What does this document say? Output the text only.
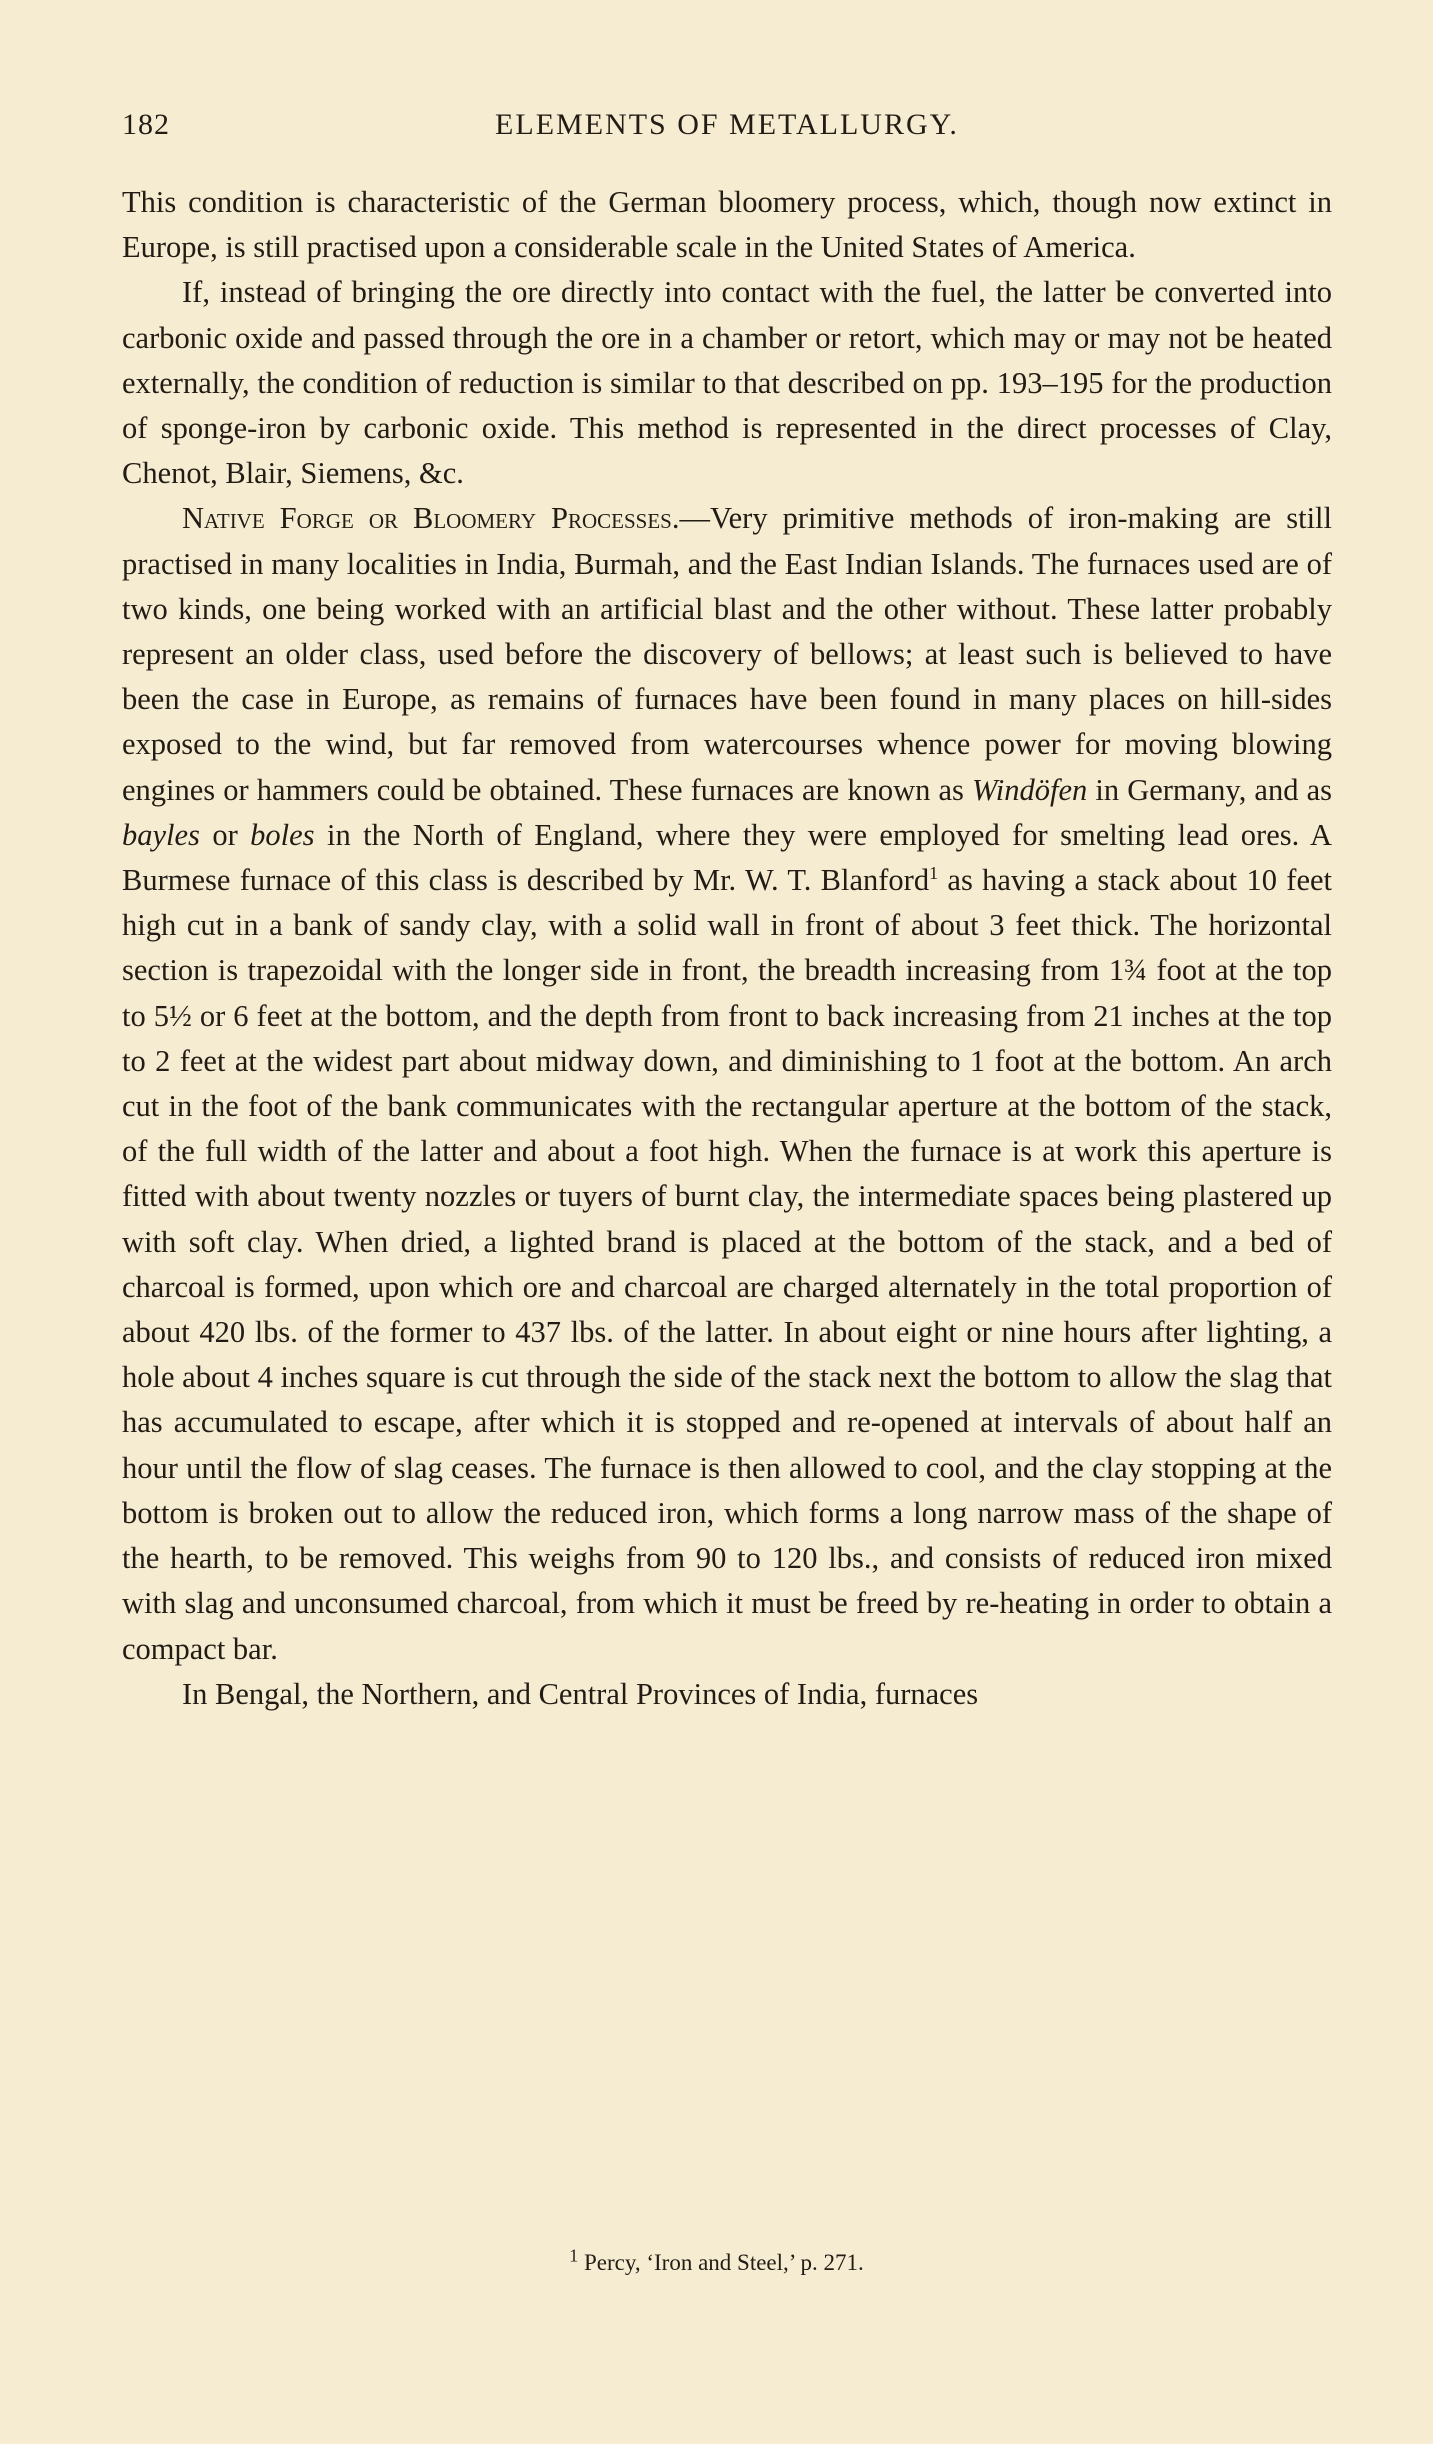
182	ELEMENTS OF METALLURGY.

This condition is characteristic of the German bloomery process, which, though now extinct in Europe, is still practised upon a considerable scale in the United States of America.

If, instead of bringing the ore directly into contact with the fuel, the latter be converted into carbonic oxide and passed through the ore in a chamber or retort, which may or may not be heated externally, the condition of reduction is similar to that described on pp. 193–195 for the production of sponge-iron by carbonic oxide. This method is represented in the direct processes of Clay, Chenot, Blair, Siemens, &c.

Native Forge or Bloomery Processes.—Very primitive methods of iron-making are still practised in many localities in India, Burmah, and the East Indian Islands. The furnaces used are of two kinds, one being worked with an artificial blast and the other without. These latter probably represent an older class, used before the discovery of bellows; at least such is believed to have been the case in Europe, as remains of furnaces have been found in many places on hill-sides exposed to the wind, but far removed from watercourses whence power for moving blowing engines or hammers could be obtained. These furnaces are known as Windöfen in Germany, and as bayles or boles in the North of England, where they were employed for smelting lead ores. A Burmese furnace of this class is described by Mr. W. T. Blanford$^1$ as having a stack about 10 feet high cut in a bank of sandy clay, with a solid wall in front of about 3 feet thick. The horizontal section is trapezoidal with the longer side in front, the breadth increasing from 1¾ foot at the top to 5½ or 6 feet at the bottom, and the depth from front to back increasing from 21 inches at the top to 2 feet at the widest part about midway down, and diminishing to 1 foot at the bottom. An arch cut in the foot of the bank communicates with the rectangular aperture at the bottom of the stack, of the full width of the latter and about a foot high. When the furnace is at work this aperture is fitted with about twenty nozzles or tuyers of burnt clay, the intermediate spaces being plastered up with soft clay. When dried, a lighted brand is placed at the bottom of the stack, and a bed of charcoal is formed, upon which ore and charcoal are charged alternately in the total proportion of about 420 lbs. of the former to 437 lbs. of the latter. In about eight or nine hours after lighting, a hole about 4 inches square is cut through the side of the stack next the bottom to allow the slag that has accumulated to escape, after which it is stopped and re-opened at intervals of about half an hour until the flow of slag ceases. The furnace is then allowed to cool, and the clay stopping at the bottom is broken out to allow the reduced iron, which forms a long narrow mass of the shape of the hearth, to be removed. This weighs from 90 to 120 lbs., and consists of reduced iron mixed with slag and unconsumed charcoal, from which it must be freed by re-heating in order to obtain a compact bar.

In Bengal, the Northern, and Central Provinces of India, furnaces

$^1$ Percy, ‘Iron and Steel,’ p. 271.
